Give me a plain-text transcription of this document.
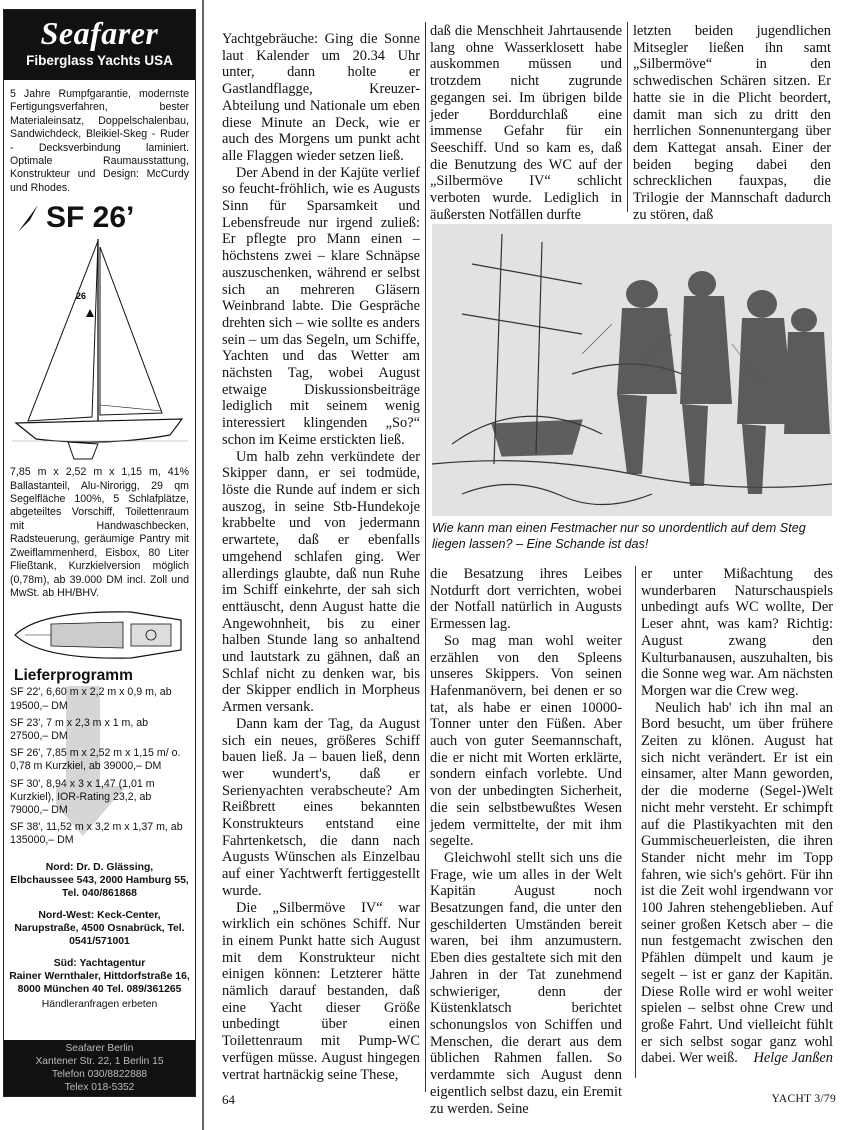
Seafarer
Fiberglass Yachts USA

5 Jahre Rumpfgarantie, modernste Fertigungsverfahren, bester Materialeinsatz, Doppelschalenbau, Sandwichdeck, Bleikiel-Skeg - Ruder - Decksverbindung laminiert. Optimale Raumausstattung, Konstrukteur und Design: McCurdy und Rhodes.

SF 26’
26

7,85 m x 2,52 m x 1,15 m, 41% Ballastanteil, Alu-Nirorigg, 29 qm Segelfläche 100%, 5 Schlafplätze, abgeteiltes Vorschiff, Toilettenraum mit Handwaschbecken, Radsteuerung, geräumige Pantry mit Zweiflammenherd, Eisbox, 80 Liter Fließtank, Kurzkielversion möglich (0,78m), ab 39.000 DM incl. Zoll und MwSt. ab HH/BHV.

Lieferprogramm

SF 22', 6,60 m x 2,2 m x 0,9 m, ab 19500,– DM

SF 23', 7 m x 2,3 m x 1 m, ab 27500,– DM

SF 26', 7,85 m x 2,52 m x 1,15 m/ o. 0,78 m Kurzkiel, ab 39000,– DM

SF 30', 8,94 x 3 x 1,47 (1,01 m Kurzkiel), IOR-Rating 23,2, ab 79000,– DM

SF 38', 11,52 m x 3,2 m x 1,37 m, ab 135000,– DM

Nord: Dr. D. Glässing,
Elbchaussee 543, 2000 Hamburg 55, Tel. 040/861868
Nord-West: Keck-Center,
Narupstraße, 4500 Osnabrück, Tel. 0541/571001
Süd: Yachtagentur
Rainer Wernthaler, Hittdorfstraße 16, 8000 München 40 Tel. 089/361265
Händleranfragen erbeten
Seafarer Berlin
Xantener Str. 22, 1 Berlin 15
Telefon 030/8822888
Telex 018-5352

Yachtgebräuche: Ging die Sonne laut Kalender um 20.34 Uhr unter, dann holte er Gastlandflagge, Kreuzer-Abteilung und Nationale um eben diese Minute an Deck, wie er auch des Morgens um punkt acht alle Flaggen wieder setzen ließ.

Der Abend in der Kajüte verlief so feucht-fröhlich, wie es Augusts Sinn für Sparsamkeit und Lebensfreude nur irgend zuließ: Er pflegte pro Mann einen – höchstens zwei – klare Schnäpse auszuschenken, während er selbst sich an mehreren Gläsern Weinbrand labte. Die Gespräche drehten sich – wie sollte es anders sein – um das Segeln, um Schiffe, Yachten und das Wetter am nächsten Tag, wobei August etwaige Diskussionsbeiträge lediglich mit seinem wenig interessiert klingenden „So?“ schon im Keime erstickten ließ.

Um halb zehn verkündete der Skipper dann, er sei todmüde, löste die Runde auf indem er sich auszog, in seine Stb-Hundekoje krabbelte und von jedermann erwartete, daß er ebenfalls umgehend schlafen ging. Wer allerdings glaubte, daß nun Ruhe im Schiff einkehrte, der sah sich enttäuscht, denn August hatte die Angewohnheit, bis zu einer halben Stunde lang so anhaltend und lautstark zu gähnen, daß an Schlaf nicht zu denken war, bis der Skipper endlich in Morpheus Armen versank.

Dann kam der Tag, da August sich ein neues, größeres Schiff bauen ließ. Ja – bauen ließ, denn wer wundert's, daß er Serienyachten verabscheute? Am Reißbrett eines bekannten Konstrukteurs entstand eine Fahrtenketsch, die dann nach Augusts Wünschen als Einzelbau auf einer Yachtwerft fertiggestellt wurde.

Die „Silbermöve IV“ war wirklich ein schönes Schiff. Nur in einem Punkt hatte sich August mit dem Konstrukteur nicht einigen können: Letzterer hätte nämlich darauf bestanden, daß eine Yacht dieser Größe unbedingt über einen Toilettenraum mit Pump-WC verfügen müsse. August hingegen vertrat hartnäckig seine These,

daß die Menschheit Jahrtausende lang ohne Wasserklosett habe auskommen müssen und trotzdem nicht zugrunde gegangen sei. Im übrigen bilde jeder Borddurchlaß eine immense Gefahr für ein Seeschiff. Und so kam es, daß die Benutzung des WC auf der „Silbermöve IV“ schlicht verboten wurde. Lediglich in äußersten Notfällen durfte

letzten beiden jugendlichen Mitsegler ließen ihn samt „Silbermöve“ in den schwedischen Schären sitzen. Er hatte sie in die Plicht beordert, damit man sich zu dritt den herrlichen Sonnenuntergang über dem Kattegat ansah. Einer der beiden beging dabei den schrecklichen fauxpas, die Trilogie der Mannschaft dadurch zu stören, daß

Wie kann man einen Festmacher nur so unordentlich auf dem Steg liegen lassen? – Eine Schande ist das!

die Besatzung ihres Leibes Notdurft dort verrichten, wobei der Notfall natürlich in Augusts Ermessen lag.

So mag man wohl weiter erzählen von den Spleens unseres Skippers. Von seinen Hafenmanövern, bei denen er so tat, als habe er einen 10000-Tonner unter den Füßen. Aber auch von guter Seemannschaft, die er nicht mit Worten erklärte, sondern einfach vorlebte. Und von der unbedingten Sicherheit, die sein selbstbewußtes Wesen jedem vermittelte, der mit ihm segelte.

Gleichwohl stellt sich uns die Frage, wie um alles in der Welt Kapitän August noch Besatzungen fand, die unter den geschilderten Umständen bereit waren, bei ihm anzumustern. Eben dies gestaltete sich mit den Jahren in der Tat zunehmend schwieriger, denn der Küstenklatsch berichtet schonungslos von Schiffen und Menschen, die derart aus dem üblichen Rahmen fallen. So verdammte sich August denn eigentlich selbst dazu, ein Eremit zu werden. Seine

er unter Mißachtung des wunderbaren Naturschauspiels unbedingt aufs WC wollte, Der Leser ahnt, was kam? Richtig: August zwang den Kulturbanausen, auszuhalten, bis die Sonne weg war. Am nächsten Morgen war die Crew weg.

Neulich hab' ich ihn mal an Bord besucht, um über frühere Zeiten zu klönen. August hat sich nicht verändert. Er ist ein einsamer, alter Mann geworden, der die moderne (Segel-)Welt nicht mehr versteht. Er schimpft auf die Plastikyachten mit den Gummischeuerleisten, die ihren Stander nicht mehr im Topp fahren, wie sich's gehört. Für ihn ist die Zeit wohl irgendwann vor 100 Jahren stehengeblieben. Auf seiner großen Ketsch aber – die nun festgemacht zwischen den Pfählen dümpelt und kaum je segelt – ist er ganz der Kapitän. Diese Rolle wird er wohl weiter spielen – selbst ohne Crew und große Fahrt. Und vielleicht fühlt er sich selbst sogar ganz wohl dabei. Wer weiß.	Helge Janßen

64	YACHT 3/79
